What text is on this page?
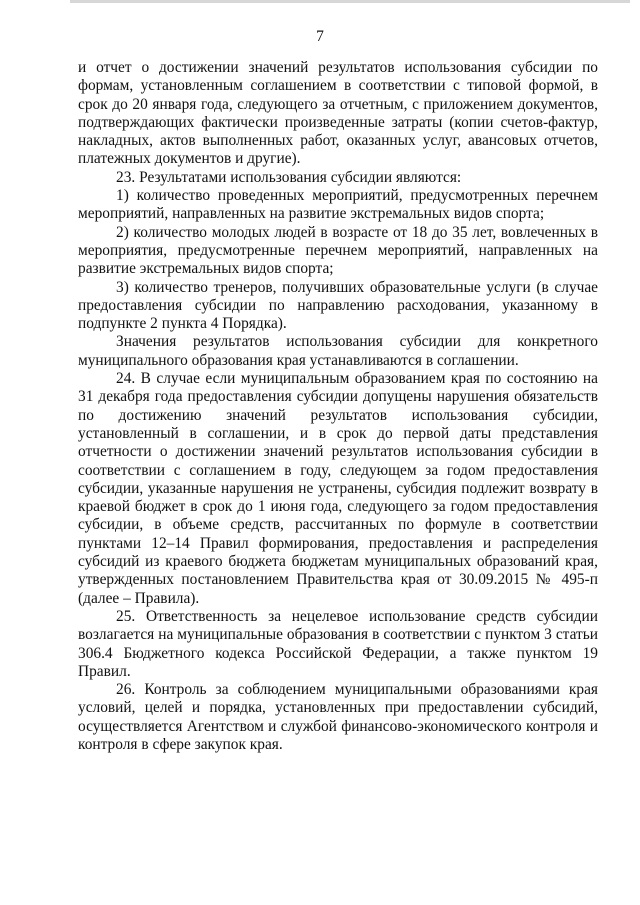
7

и отчет о достижении значений результатов использования субсидии по формам, установленным соглашением в соответствии с типовой формой, в срок до 20 января года, следующего за отчетным, с приложением документов, подтверждающих фактически произведенные затраты (копии счетов-фактур, накладных, актов выполненных работ, оказанных услуг, авансовых отчетов, платежных документов и другие).

23. Результатами использования субсидии являются:

1) количество проведенных мероприятий, предусмотренных перечнем мероприятий, направленных на развитие экстремальных видов спорта;

2) количество молодых людей в возрасте от 18 до 35 лет, вовлеченных в мероприятия, предусмотренные перечнем мероприятий, направленных на развитие экстремальных видов спорта;

3) количество тренеров, получивших образовательные услуги (в случае предоставления субсидии по направлению расходования, указанному в подпункте 2 пункта 4 Порядка).

Значения результатов использования субсидии для конкретного муниципального образования края устанавливаются в соглашении.

24. В случае если муниципальным образованием края по состоянию на 31 декабря года предоставления субсидии допущены нарушения обязательств по достижению значений результатов использования субсидии, установленный в соглашении, и в срок до первой даты представления отчетности о достижении значений результатов использования субсидии в соответствии с соглашением в году, следующем за годом предоставления субсидии, указанные нарушения не устранены, субсидия подлежит возврату в краевой бюджет в срок до 1 июня года, следующего за годом предоставления субсидии, в объеме средств, рассчитанных по формуле в соответствии пунктами 12–14 Правил формирования, предоставления и распределения субсидий из краевого бюджета бюджетам муниципальных образований края, утвержденных постановлением Правительства края от 30.09.2015 № 495-п (далее – Правила).

25. Ответственность за нецелевое использование средств субсидии возлагается на муниципальные образования в соответствии с пунктом 3 статьи 306.4 Бюджетного кодекса Российской Федерации, а также пунктом 19 Правил.

26. Контроль за соблюдением муниципальными образованиями края условий, целей и порядка, установленных при предоставлении субсидий, осуществляется Агентством и службой финансово-экономического контроля и контроля в сфере закупок края.
